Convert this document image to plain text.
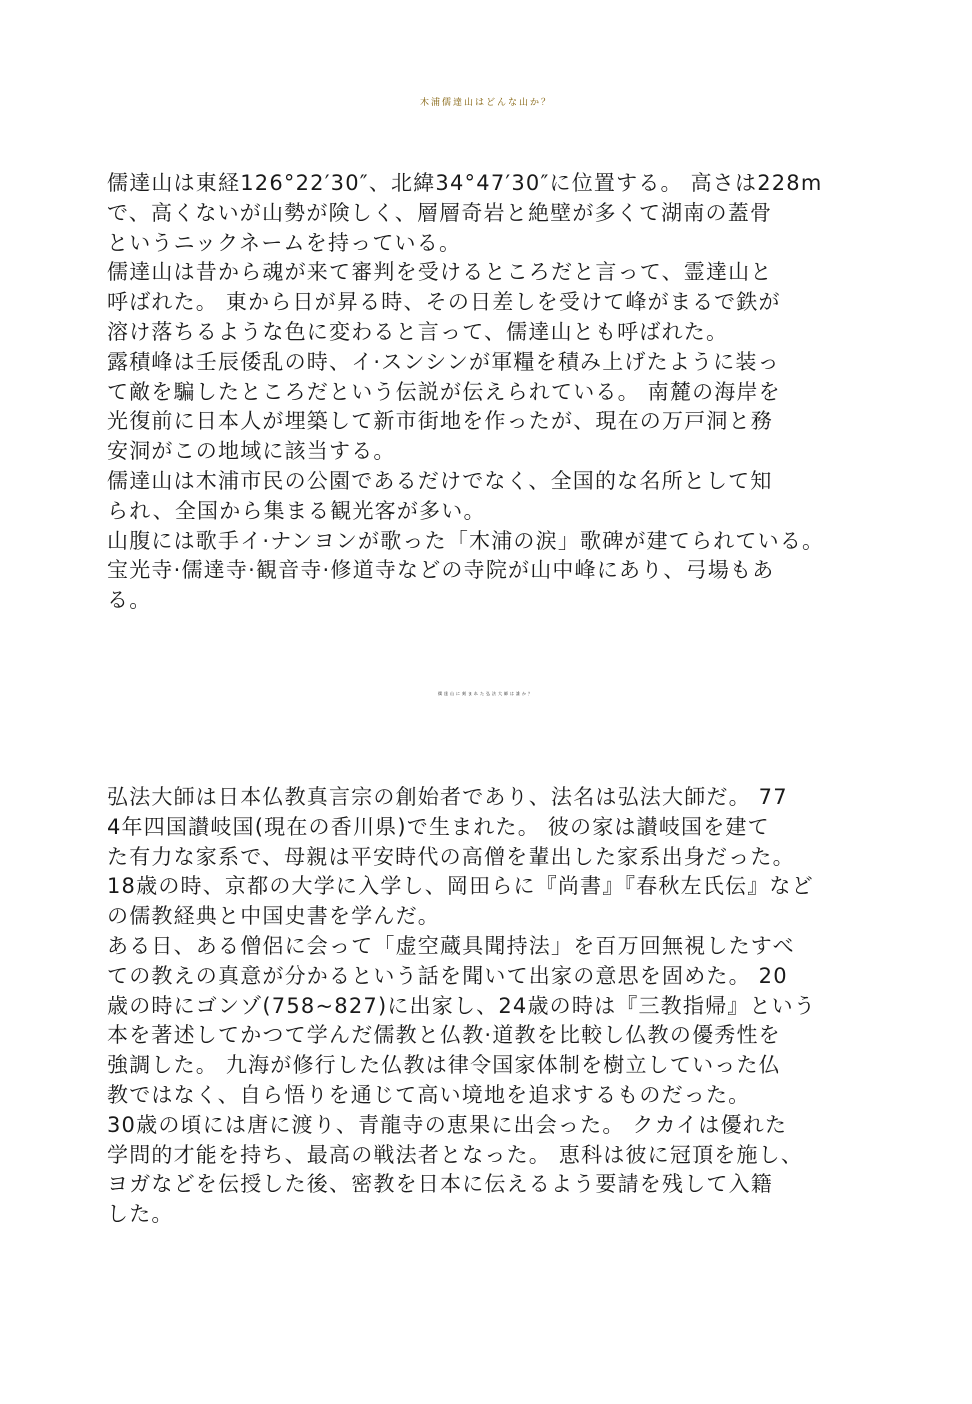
木浦儒達山はどんな山か？
儒達山は東経126°22′30″、北緯34°47′30″に位置する。 高さは228m
で、高くないが山勢が険しく、層層奇岩と絶壁が多くて湖南の蓋骨
というニックネームを持っている。
儒達山は昔から魂が来て審判を受けるところだと言って、霊達山と
呼ばれた。 東から日が昇る時、その日差しを受けて峰がまるで鉄が
溶け落ちるような色に変わると言って、儒達山とも呼ばれた。
露積峰は壬辰倭乱の時、イ·スンシンが軍糧を積み上げたように装っ
て敵を騙したところだという伝説が伝えられている。 南麓の海岸を
光復前に日本人が埋築して新市街地を作ったが、現在の万戸洞と務
安洞がこの地域に該当する。
儒達山は木浦市民の公園であるだけでなく、全国的な名所として知
られ、全国から集まる観光客が多い。
山腹には歌手イ·ナンヨンが歌った「木浦の涙」歌碑が建てられている。
宝光寺·儒達寺·観音寺·修道寺などの寺院が山中峰にあり、弓場もあ
る。
儒達山に刻まれた弘法大師は誰か？
弘法大師は日本仏教真言宗の創始者であり、法名は弘法大師だ。 77
4年四国讃岐国(現在の香川県)で生まれた。 彼の家は讃岐国を建て
た有力な家系で、母親は平安時代の高僧を輩出した家系出身だった。
18歳の時、京都の大学に入学し、岡田らに『尚書』『春秋左氏伝』など
の儒教経典と中国史書を学んだ。
ある日、ある僧侶に会って「虚空蔵具聞持法」を百万回無視したすべ
ての教えの真意が分かるという話を聞いて出家の意思を固めた。 20
歳の時にゴンゾ(758~827)に出家し、24歳の時は『三教指帰』という
本を著述してかつて学んだ儒教と仏教·道教を比較し仏教の優秀性を
強調した。 九海が修行した仏教は律令国家体制を樹立していった仏
教ではなく、自ら悟りを通じて高い境地を追求するものだった。
30歳の頃には唐に渡り、青龍寺の恵果に出会った。 クカイは優れた
学問的才能を持ち、最高の戦法者となった。 恵科は彼に冠頂を施し、
ヨガなどを伝授した後、密教を日本に伝えるよう要請を残して入籍
した。
